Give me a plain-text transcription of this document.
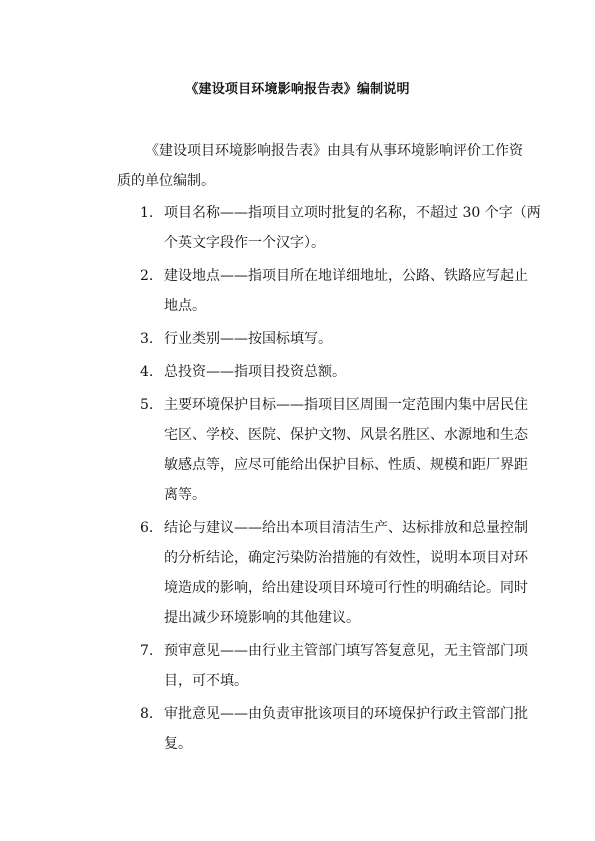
《建设项目环境影响报告表》编制说明
《建设项目环境影响报告表》由具有从事环境影响评价工作资
质的单位编制。
1. 项目名称——指项目立项时批复的名称，不超过 30 个字（两
个英文字段作一个汉字）。
2. 建设地点——指项目所在地详细地址，公路、铁路应写起止
地点。
3. 行业类别——按国标填写。
4. 总投资——指项目投资总额。
5. 主要环境保护目标——指项目区周围一定范围内集中居民住
宅区、学校、医院、保护文物、风景名胜区、水源地和生态
敏感点等，应尽可能给出保护目标、性质、规模和距厂界距
离等。
6. 结论与建议——给出本项目清洁生产、达标排放和总量控制
的分析结论，确定污染防治措施的有效性，说明本项目对环
境造成的影响，给出建设项目环境可行性的明确结论。同时
提出减少环境影响的其他建议。
7. 预审意见——由行业主管部门填写答复意见，无主管部门项
目，可不填。
8. 审批意见——由负责审批该项目的环境保护行政主管部门批
复。
